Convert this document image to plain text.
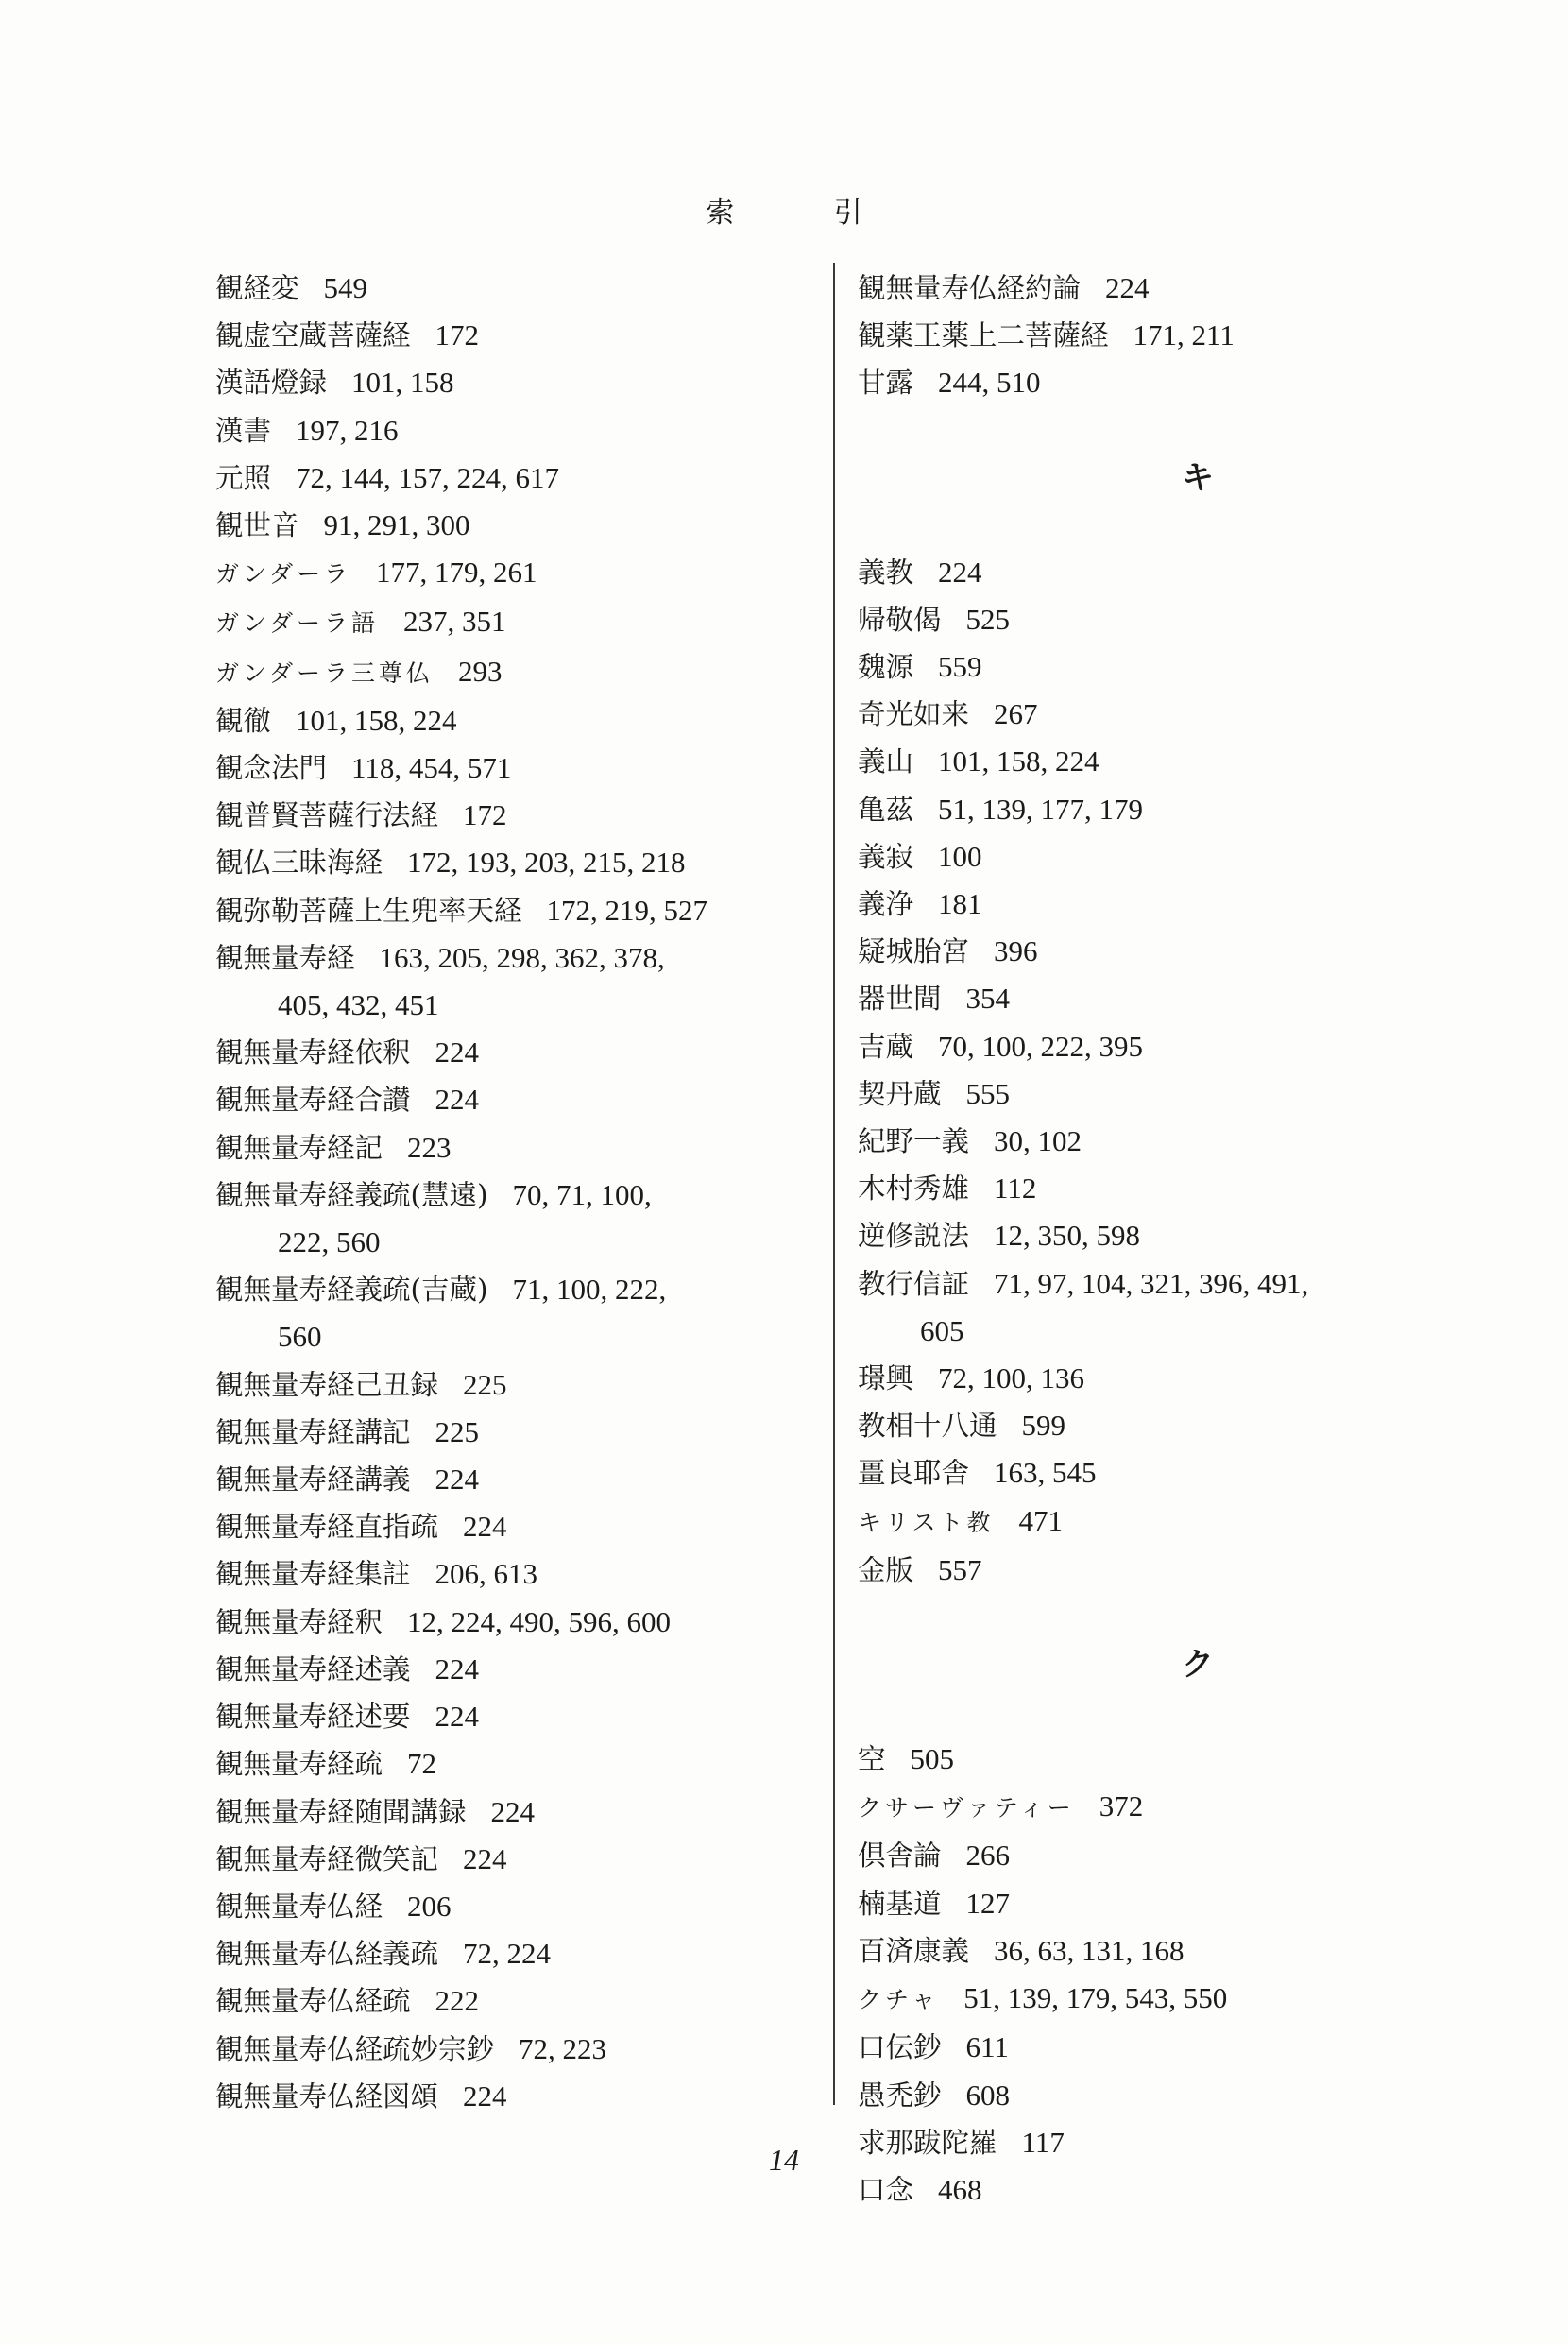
索	引
観経変 549
観虚空蔵菩薩経 172
漢語燈録 101, 158
漢書 197, 216
元照 72, 144, 157, 224, 617
観世音 91, 291, 300
ガンダーラ 177, 179, 261
ガンダーラ語 237, 351
ガンダーラ三尊仏 293
観徹 101, 158, 224
観念法門 118, 454, 571
観普賢菩薩行法経 172
観仏三昧海経 172, 193, 203, 215, 218
観弥勒菩薩上生兜率天経 172, 219, 527
観無量寿経 163, 205, 298, 362, 378,
405, 432, 451
観無量寿経依釈 224
観無量寿経合讃 224
観無量寿経記 223
観無量寿経義疏(慧遠) 70, 71, 100,
222, 560
観無量寿経義疏(吉蔵) 71, 100, 222,
560
観無量寿経己丑録 225
観無量寿経講記 225
観無量寿経講義 224
観無量寿経直指疏 224
観無量寿経集註 206, 613
観無量寿経釈 12, 224, 490, 596, 600
観無量寿経述義 224
観無量寿経述要 224
観無量寿経疏 72
観無量寿経随聞講録 224
観無量寿経微笑記 224
観無量寿仏経 206
観無量寿仏経義疏 72, 224
観無量寿仏経疏 222
観無量寿仏経疏妙宗鈔 72, 223
観無量寿仏経図頌 224
観無量寿仏経約論 224
観薬王薬上二菩薩経 171, 211
甘露 244, 510
キ
義教 224
帰敬偈 525
魏源 559
奇光如来 267
義山 101, 158, 224
亀茲 51, 139, 177, 179
義寂 100
義浄 181
疑城胎宮 396
器世間 354
吉蔵 70, 100, 222, 395
契丹蔵 555
紀野一義 30, 102
木村秀雄 112
逆修説法 12, 350, 598
教行信証 71, 97, 104, 321, 396, 491,
605
璟興 72, 100, 136
教相十八通 599
畺良耶舎 163, 545
キリスト教 471
金版 557
ク
空 505
クサーヴァティー 372
倶舎論 266
楠基道 127
百済康義 36, 63, 131, 168
クチャ 51, 139, 179, 543, 550
口伝鈔 611
愚禿鈔 608
求那跋陀羅 117
口念 468
14
